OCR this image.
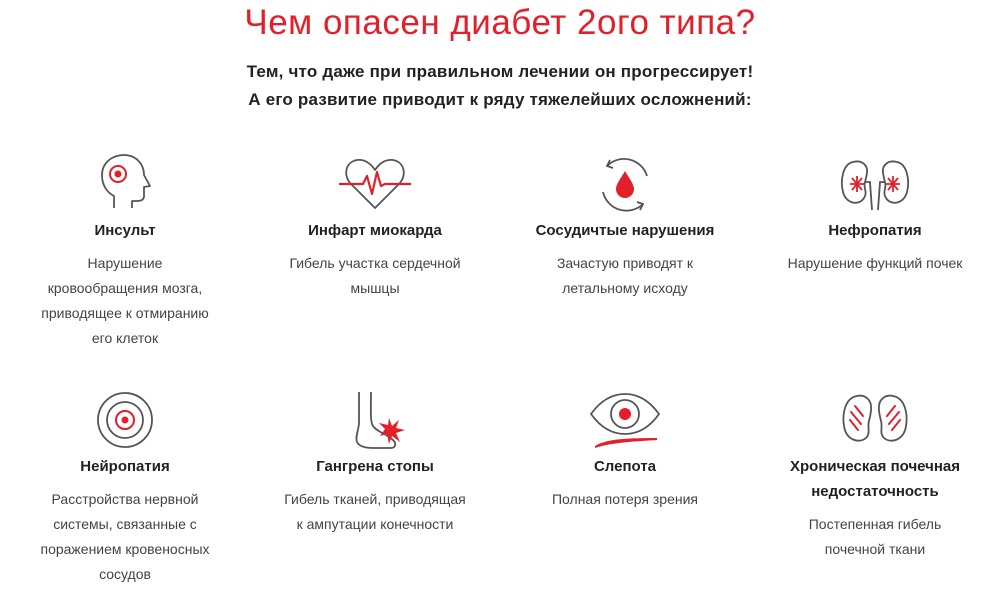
Чем опасен диабет 2ого типа?
Тем, что даже при правильном лечении он прогрессирует!
А его развитие приводит к ряду тяжелейших осложнений:
Инсульт
Нарушение
кровообращения мозга,
приводящее к отмиранию
его клеток
Инфарт миокарда
Гибель участка сердечной
мышцы
Сосудичтые нарушения
Зачастую приводят к
летальному исходу
Нефропатия
Нарушение функций почек
Нейропатия
Расстройства нервной
системы, связанные с
поражением кровеносных
сосудов
Гангрена стопы
Гибель тканей, приводящая
к ампутации конечности
Слепота
Полная потеря зрения
Хроническая почечная
недостаточность
Постепенная гибель
почечной ткани
